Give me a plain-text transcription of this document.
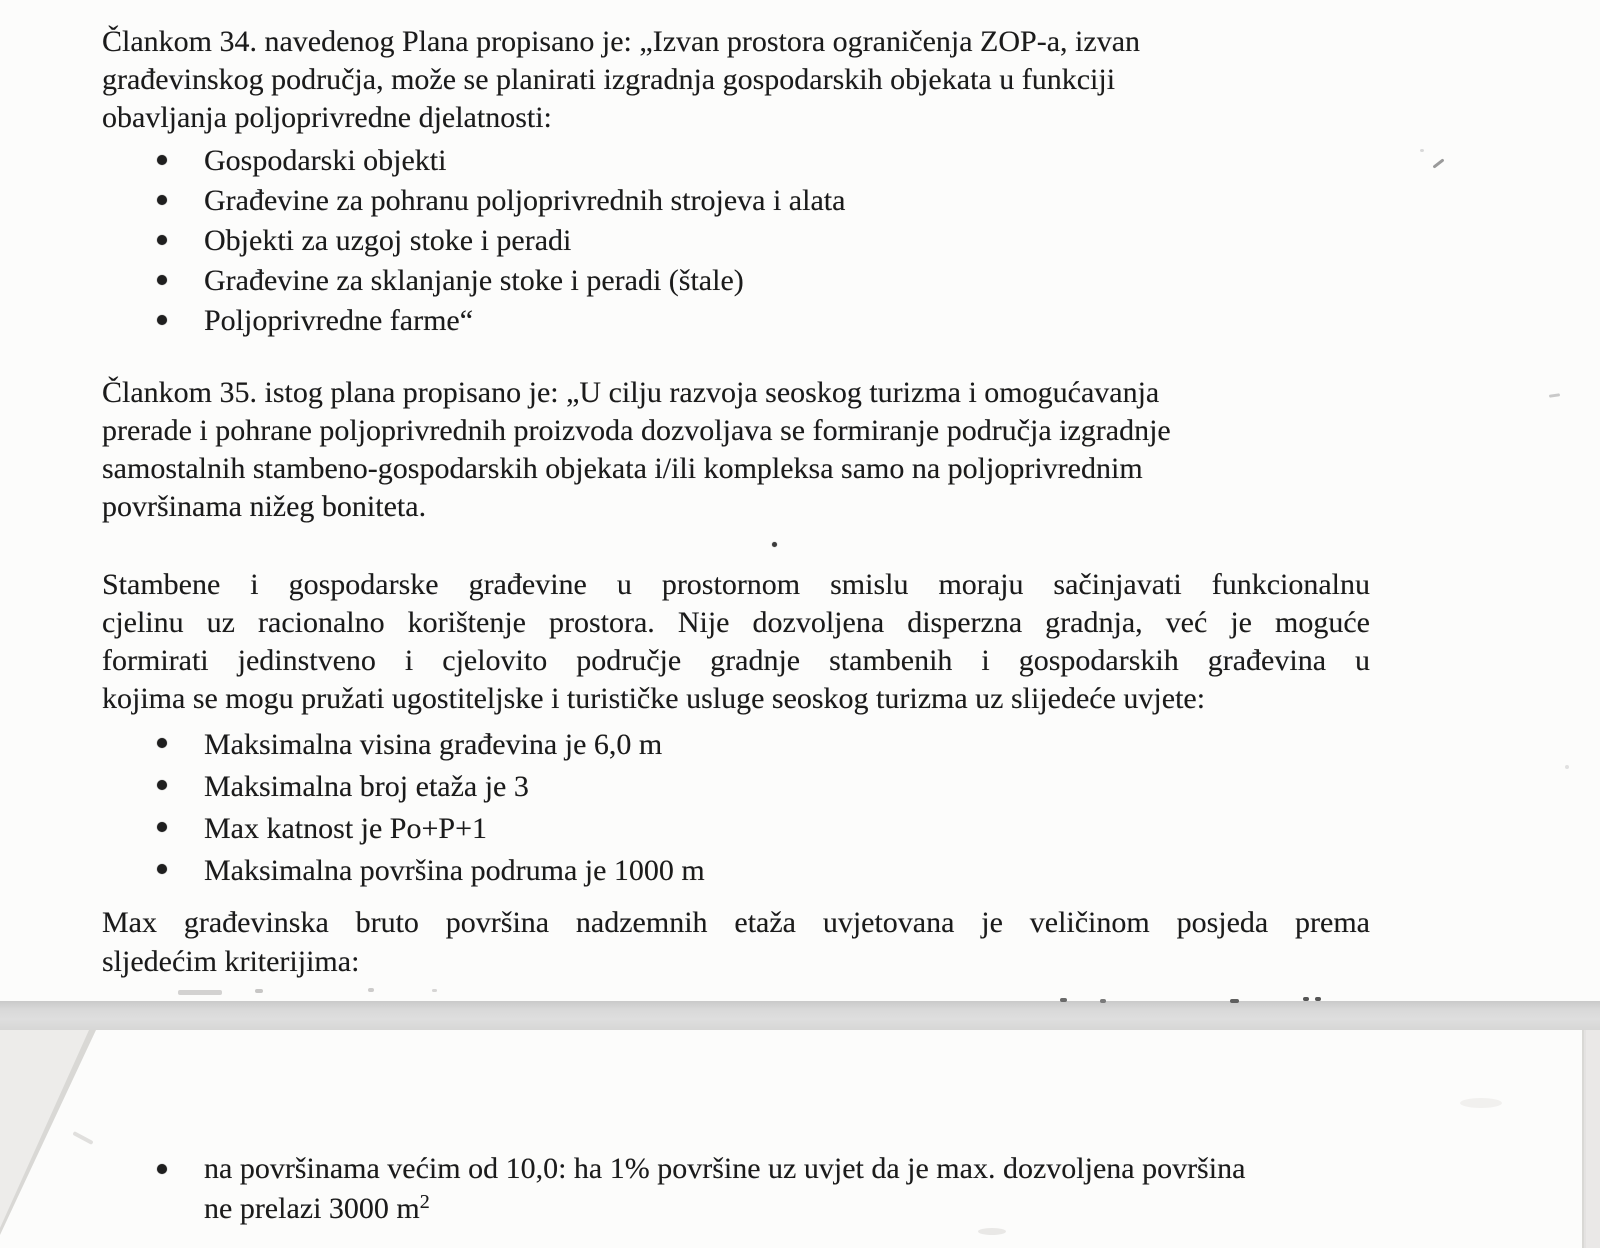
Člankom 34. navedenog Plana propisano je: „Izvan prostora ograničenja ZOP-a, izvan
građevinskog područja, može se planirati izgradnja gospodarskih objekata u funkciji
obavljanja poljoprivredne djelatnosti:
Gospodarski objekti
Građevine za pohranu poljoprivrednih strojeva i alata
Objekti za uzgoj stoke i peradi
Građevine za sklanjanje stoke i peradi (štale)
Poljoprivredne farme“
Člankom 35. istog plana propisano je: „U cilju razvoja seoskog turizma i omogućavanja
prerade i pohrane poljoprivrednih proizvoda dozvoljava se formiranje područja izgradnje
samostalnih stambeno-gospodarskih objekata i/ili kompleksa samo na poljoprivrednim
površinama nižeg boniteta.
Stambene i gospodarske građevine u prostornom smislu moraju sačinjavati funkcionalnu
cjelinu uz racionalno korištenje prostora. Nije dozvoljena disperzna gradnja, već je moguće
formirati jedinstveno i cjelovito područje gradnje stambenih i gospodarskih građevina u
kojima se mogu pružati ugostiteljske i turističke usluge seoskog turizma uz slijedeće uvjete:
Maksimalna visina građevina je 6,0 m
Maksimalna broj etaža je 3
Max katnost je Po+P+1
Maksimalna površina podruma je 1000 m
Max građevinska bruto površina nadzemnih etaža uvjetovana je veličinom posjeda prema
sljedećim kriterijima:
na površinama većim od 10,0: ha 1% površine uz uvjet da je max. dozvoljena površina
ne prelazi 3000 $m^2$
